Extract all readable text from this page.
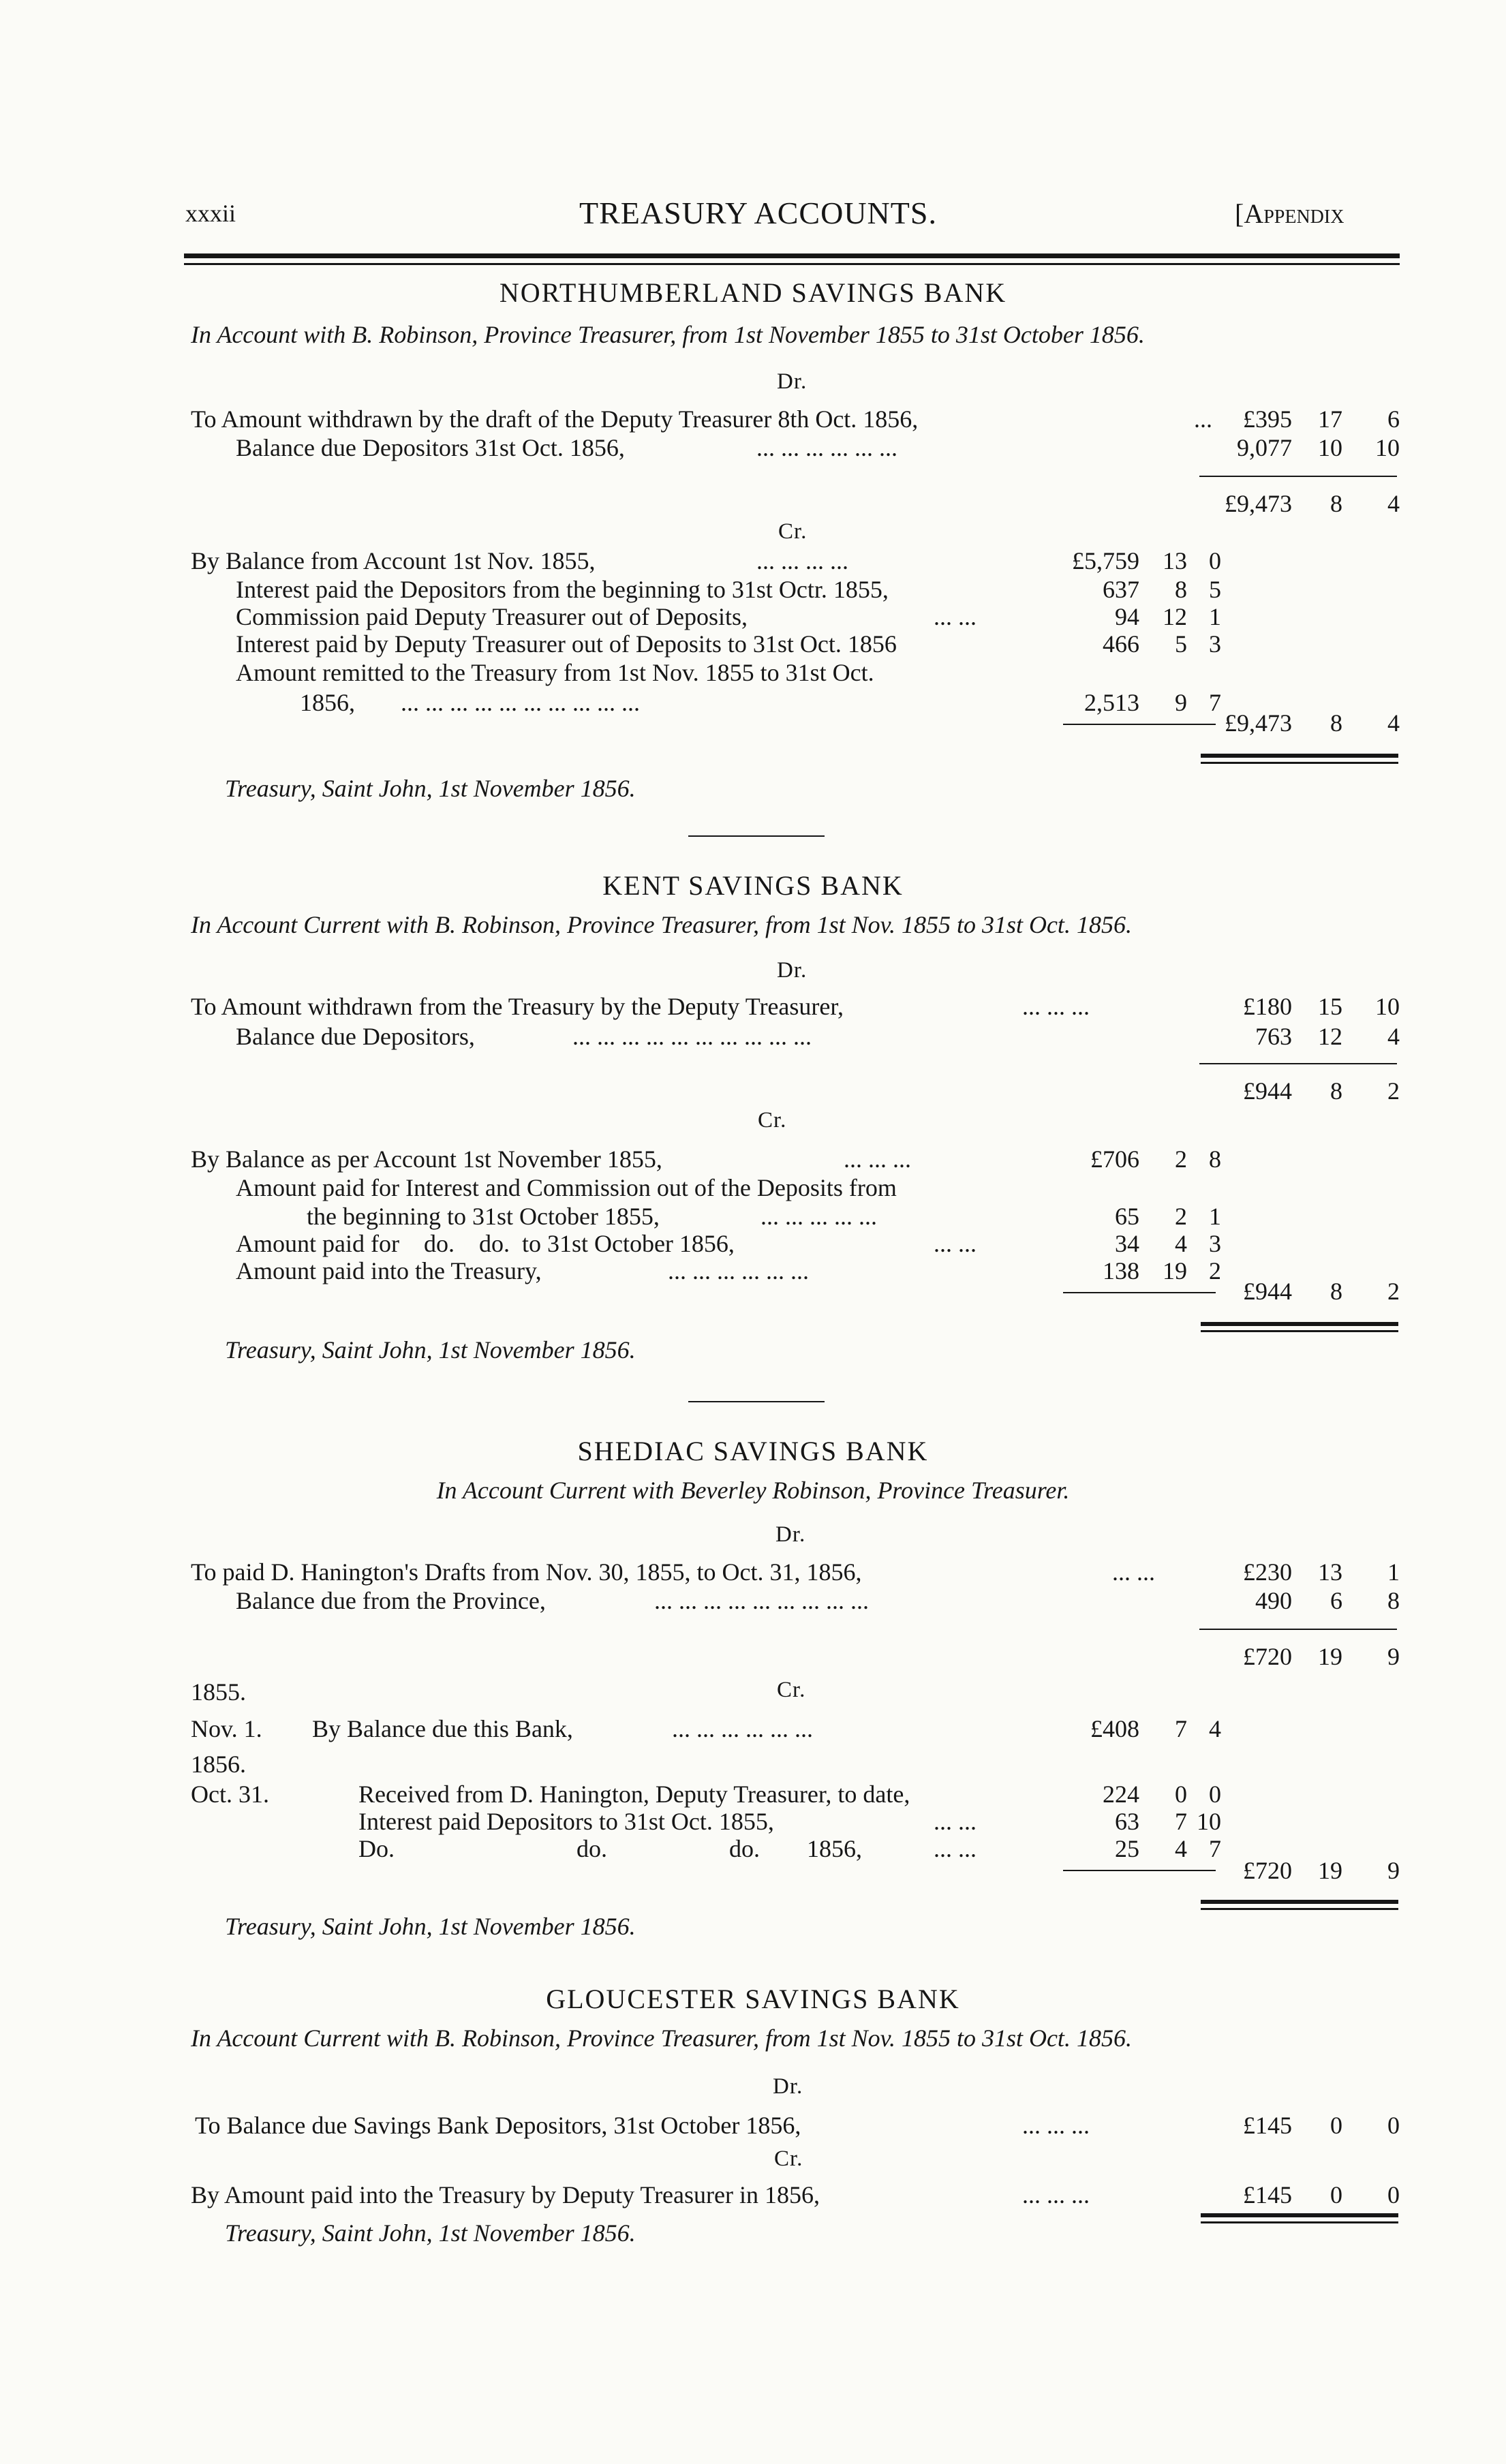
xxxii	TREASURY ACCOUNTS.	[Appendix
NORTHUMBERLAND SAVINGS BANK
In Account with B. Robinson, Province Treasurer, from 1st November 1855 to 31st October 1856.
Dr.
To Amount withdrawn by the draft of the Deputy Treasurer 8th Oct. 1856,	...	£395	17	6
Balance due Depositors 31st Oct. 1856,	... ... ... ... ... ...	9,077	10	10
£9,473	8	4
Cr.
By Balance from Account 1st Nov. 1855,	... ... ... ...	£5,759 13 0
Interest paid the Depositors from the beginning to 31st Octr. 1855,	637	8 5
Commission paid Deputy Treasurer out of Deposits,	... ...	94 12 1
Interest paid by Deputy Treasurer out of Deposits to 31st Oct. 1856	466	5 3
Amount remitted to the Treasury from 1st Nov. 1855 to 31st Oct.
1856, ... ... ... ... ... ... ... ... ... ...	2,513	9 7
£9,473	8	4
Treasury, Saint John, 1st November 1856.
KENT SAVINGS BANK
In Account Current with B. Robinson, Province Treasurer, from 1st Nov. 1855 to 31st Oct. 1856.
Dr.
To Amount withdrawn from the Treasury by the Deputy Treasurer,	... ... ...	£180	15	10
Balance due Depositors,	... ... ... ... ... ... ... ... ... ...	763	12	4
£944	8	2
Cr.
By Balance as per Account 1st November 1855,	... ... ...	£706	2 8
Amount paid for Interest and Commission out of the Deposits from
the beginning to 31st October 1855,	... ... ... ... ...	65	2 1
Amount paid for    do.    do.  to 31st October 1856,	... ...	34	4 3
Amount paid into the Treasury,	... ... ... ... ... ...	138 19 2
£944	8	2
Treasury, Saint John, 1st November 1856.
SHEDIAC SAVINGS BANK
In Account Current with Beverley Robinson, Province Treasurer.
Dr.
To paid D. Hanington's Drafts from Nov. 30, 1855, to Oct. 31, 1856,	... ...	£230	13	1
Balance due from the Province,	... ... ... ... ... ... ... ... ...	490	6	8
£720	19	9
1855.	Cr.
Nov. 1. By Balance due this Bank,	... ... ... ... ... ...	£408	7 4
1856.
Oct. 31.	Received from D. Hanington, Deputy Treasurer, to date,	224	0 0
Interest paid Depositors to 31st Oct. 1855,	... ...	63	7 10
Do.	do.	do. 1856,	... ...	25	4 7
£720	19	9
Treasury, Saint John, 1st November 1856.
GLOUCESTER SAVINGS BANK
In Account Current with B. Robinson, Province Treasurer, from 1st Nov. 1855 to 31st Oct. 1856.
Dr.
To Balance due Savings Bank Depositors, 31st October 1856,	... ... ...	£145	0	0
Cr.
By Amount paid into the Treasury by Deputy Treasurer in 1856,	... ... ...	£145	0	0
Treasury, Saint John, 1st November 1856.
